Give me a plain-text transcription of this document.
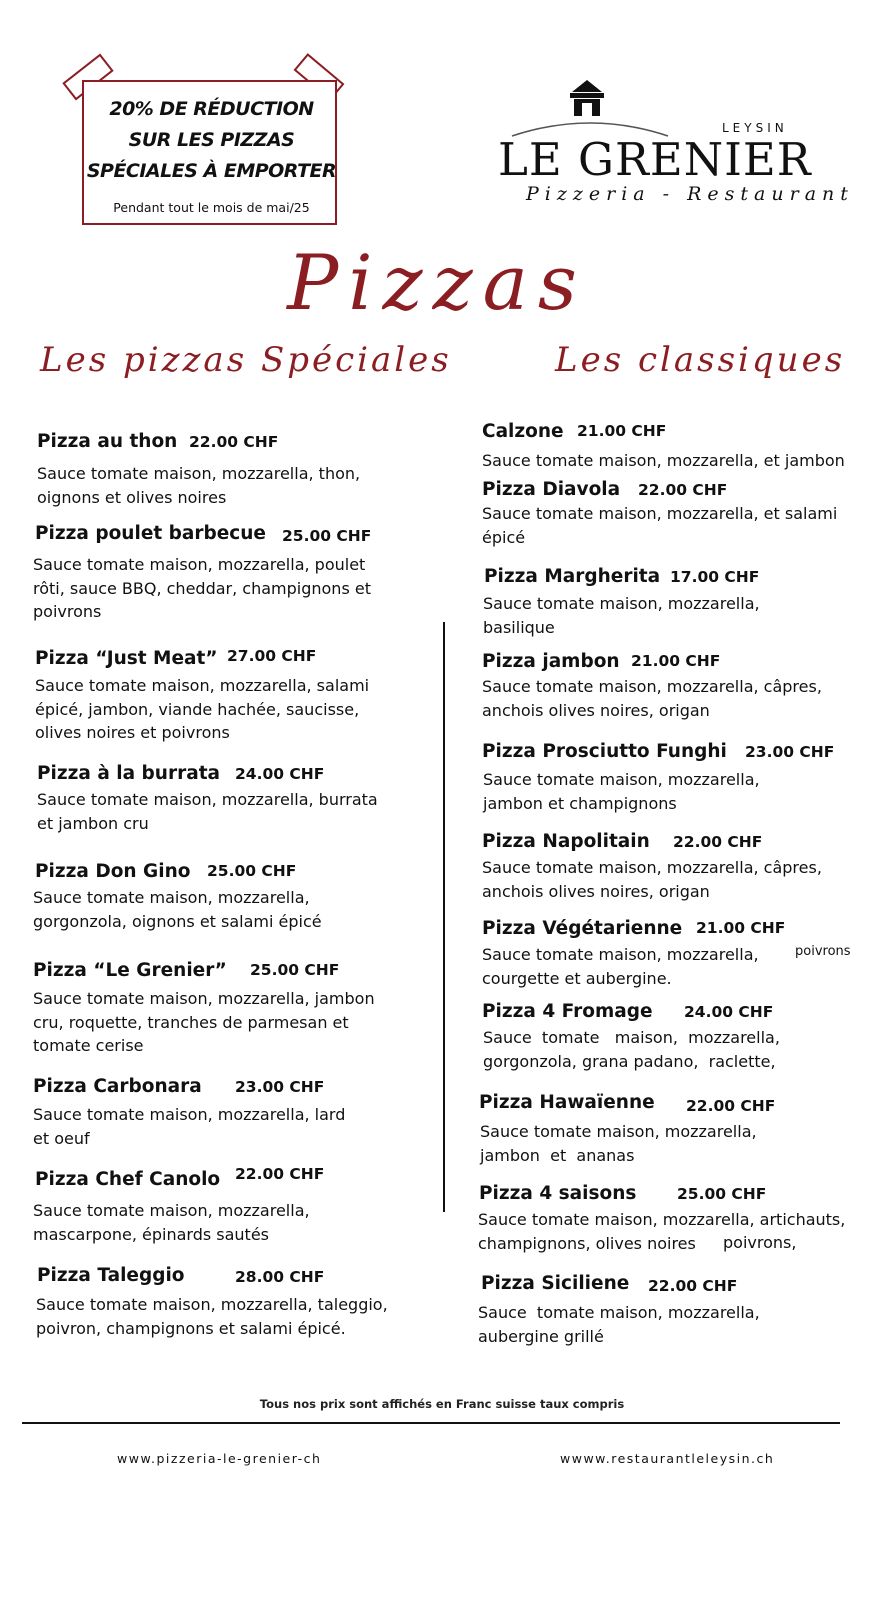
20% DE RÉDUCTION
SUR LES PIZZAS
SPÉCIALES À EMPORTER
Pendant tout le mois de mai/25
LEYSIN
LE GRENIER
Pizzeria - Restaurant
Pizzas
Les pizzas Spéciales	Les classiques
Pizza au thon 22.00 CHF
Sauce tomate maison, mozzarella, thon,
oignons et olives noires
Pizza poulet barbecue 25.00 CHF
Sauce tomate maison, mozzarella, poulet
rôti, sauce BBQ, cheddar, champignons et
poivrons
Pizza “Just Meat” 27.00 CHF
Sauce tomate maison, mozzarella, salami
épicé, jambon, viande hachée, saucisse,
olives noires et poivrons
Pizza à la burrata 24.00 CHF
Sauce tomate maison, mozzarella, burrata
et jambon cru
Pizza Don Gino 25.00 CHF
Sauce tomate maison, mozzarella,
gorgonzola, oignons et salami épicé
Pizza “Le Grenier” 25.00 CHF
Sauce tomate maison, mozzarella, jambon
cru, roquette, tranches de parmesan et
tomate cerise
Pizza Carbonara 23.00 CHF
Sauce tomate maison, mozzarella, lard
et oeuf
Pizza Chef Canolo 22.00 CHF
Sauce tomate maison, mozzarella,
mascarpone, épinards sautés
Pizza Taleggio	28.00 CHF
Sauce tomate maison, mozzarella, taleggio,
poivron, champignons et salami épicé.
Calzone 21.00 CHF
Sauce tomate maison, mozzarella, et jambon
Pizza Diavola 22.00 CHF
Sauce tomate maison, mozzarella, et salami
épicé
Pizza Margherita 17.00 CHF
Sauce tomate maison, mozzarella,
basilique
Pizza jambon 21.00 CHF
Sauce tomate maison, mozzarella, câpres,
anchois olives noires, origan
Pizza Prosciutto Funghi 23.00 CHF
Sauce tomate maison, mozzarella,
jambon et champignons
Pizza Napolitain 22.00 CHF
Sauce tomate maison, mozzarella, câpres,
anchois olives noires, origan
Pizza Végétarienne 21.00 CHF
Sauce tomate maison, mozzarella,
courgette et aubergine.
poivrons
Pizza 4 Fromage 24.00 CHF
Sauce  tomate   maison,  mozzarella,
gorgonzola, grana padano,  raclette,
Pizza Hawaïenne 22.00 CHF
Sauce tomate maison, mozzarella,
jambon  et  ananas
Pizza 4 saisons	25.00 CHF
Sauce tomate maison, mozzarella, artichauts,
champignons, olives noires	poivrons,
Pizza Siciliene 22.00 CHF
Sauce  tomate maison, mozzarella,
aubergine grillé
Tous nos prix sont affichés en Franc suisse taux compris
www.pizzeria-le-grenier-ch	wwww.restaurantleleysin.ch
